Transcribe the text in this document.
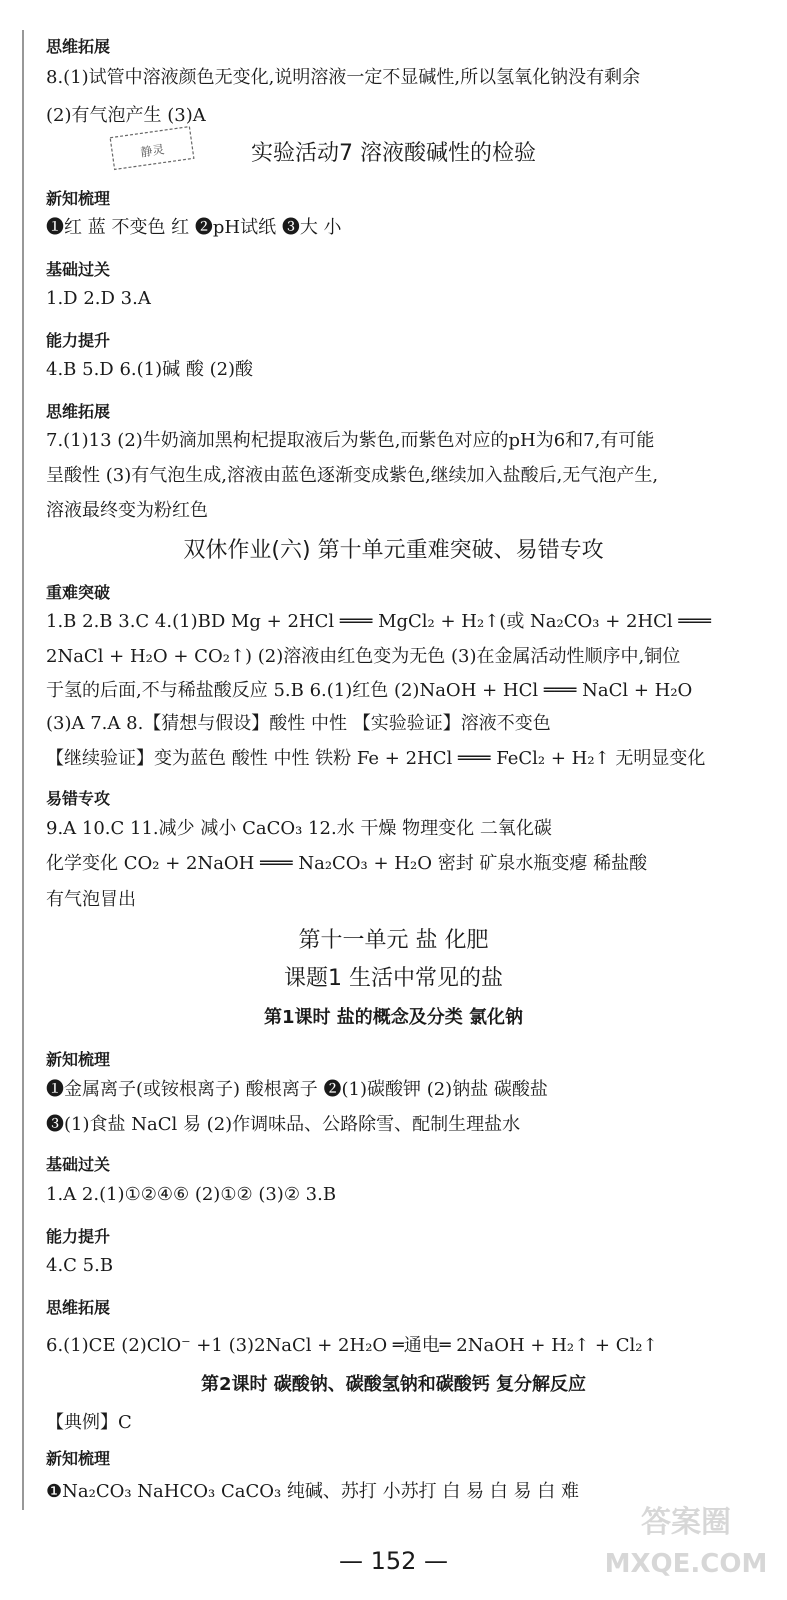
思维拓展
8.(1)试管中溶液颜色无变化,说明溶液一定不显碱性,所以氢氧化钠没有剩余
(2)有气泡产生 (3)A
静灵	实验活动7 溶液酸碱性的检验
新知梳理
❶红 蓝 不变色 红 ❷pH试纸 ❸大 小
基础过关
1.D 2.D 3.A
能力提升
4.B 5.D 6.(1)碱 酸 (2)酸
思维拓展
7.(1)13 (2)牛奶滴加黑枸杞提取液后为紫色,而紫色对应的pH为6和7,有可能
呈酸性 (3)有气泡生成,溶液由蓝色逐渐变成紫色,继续加入盐酸后,无气泡产生,
溶液最终变为粉红色
双休作业(六) 第十单元重难突破、易错专攻
重难突破
1.B 2.B 3.C 4.(1)BD Mg + 2HCl ═══ MgCl₂ + H₂↑(或 Na₂CO₃ + 2HCl ═══
2NaCl + H₂O + CO₂↑) (2)溶液由红色变为无色 (3)在金属活动性顺序中,铜位
于氢的后面,不与稀盐酸反应 5.B 6.(1)红色 (2)NaOH + HCl ═══ NaCl + H₂O
(3)A 7.A 8.【猜想与假设】酸性 中性 【实验验证】溶液不变色
【继续验证】变为蓝色 酸性 中性 铁粉 Fe + 2HCl ═══ FeCl₂ + H₂↑ 无明显变化
易错专攻
9.A 10.C 11.减少 减小 CaCO₃ 12.水 干燥 物理变化 二氧化碳
化学变化 CO₂ + 2NaOH ═══ Na₂CO₃ + H₂O 密封 矿泉水瓶变瘪 稀盐酸
有气泡冒出
第十一单元 盐 化肥
课题1 生活中常见的盐
第1课时 盐的概念及分类 氯化钠
新知梳理
❶金属离子(或铵根离子) 酸根离子 ❷(1)碳酸钾 (2)钠盐 碳酸盐
❸(1)食盐 NaCl 易 (2)作调味品、公路除雪、配制生理盐水
基础过关
1.A 2.(1)①②④⑥ (2)①② (3)② 3.B
能力提升
4.C 5.B
思维拓展
6.(1)CE (2)ClO⁻ +1 (3)2NaCl + 2H₂O ═通电═ 2NaOH + H₂↑ + Cl₂↑
第2课时 碳酸钠、碳酸氢钠和碳酸钙 复分解反应
【典例】C
新知梳理
❶Na₂CO₃ NaHCO₃ CaCO₃ 纯碱、苏打 小苏打 白 易 白 易 白 难
— 152 —
答案圈
MXQE.COM
